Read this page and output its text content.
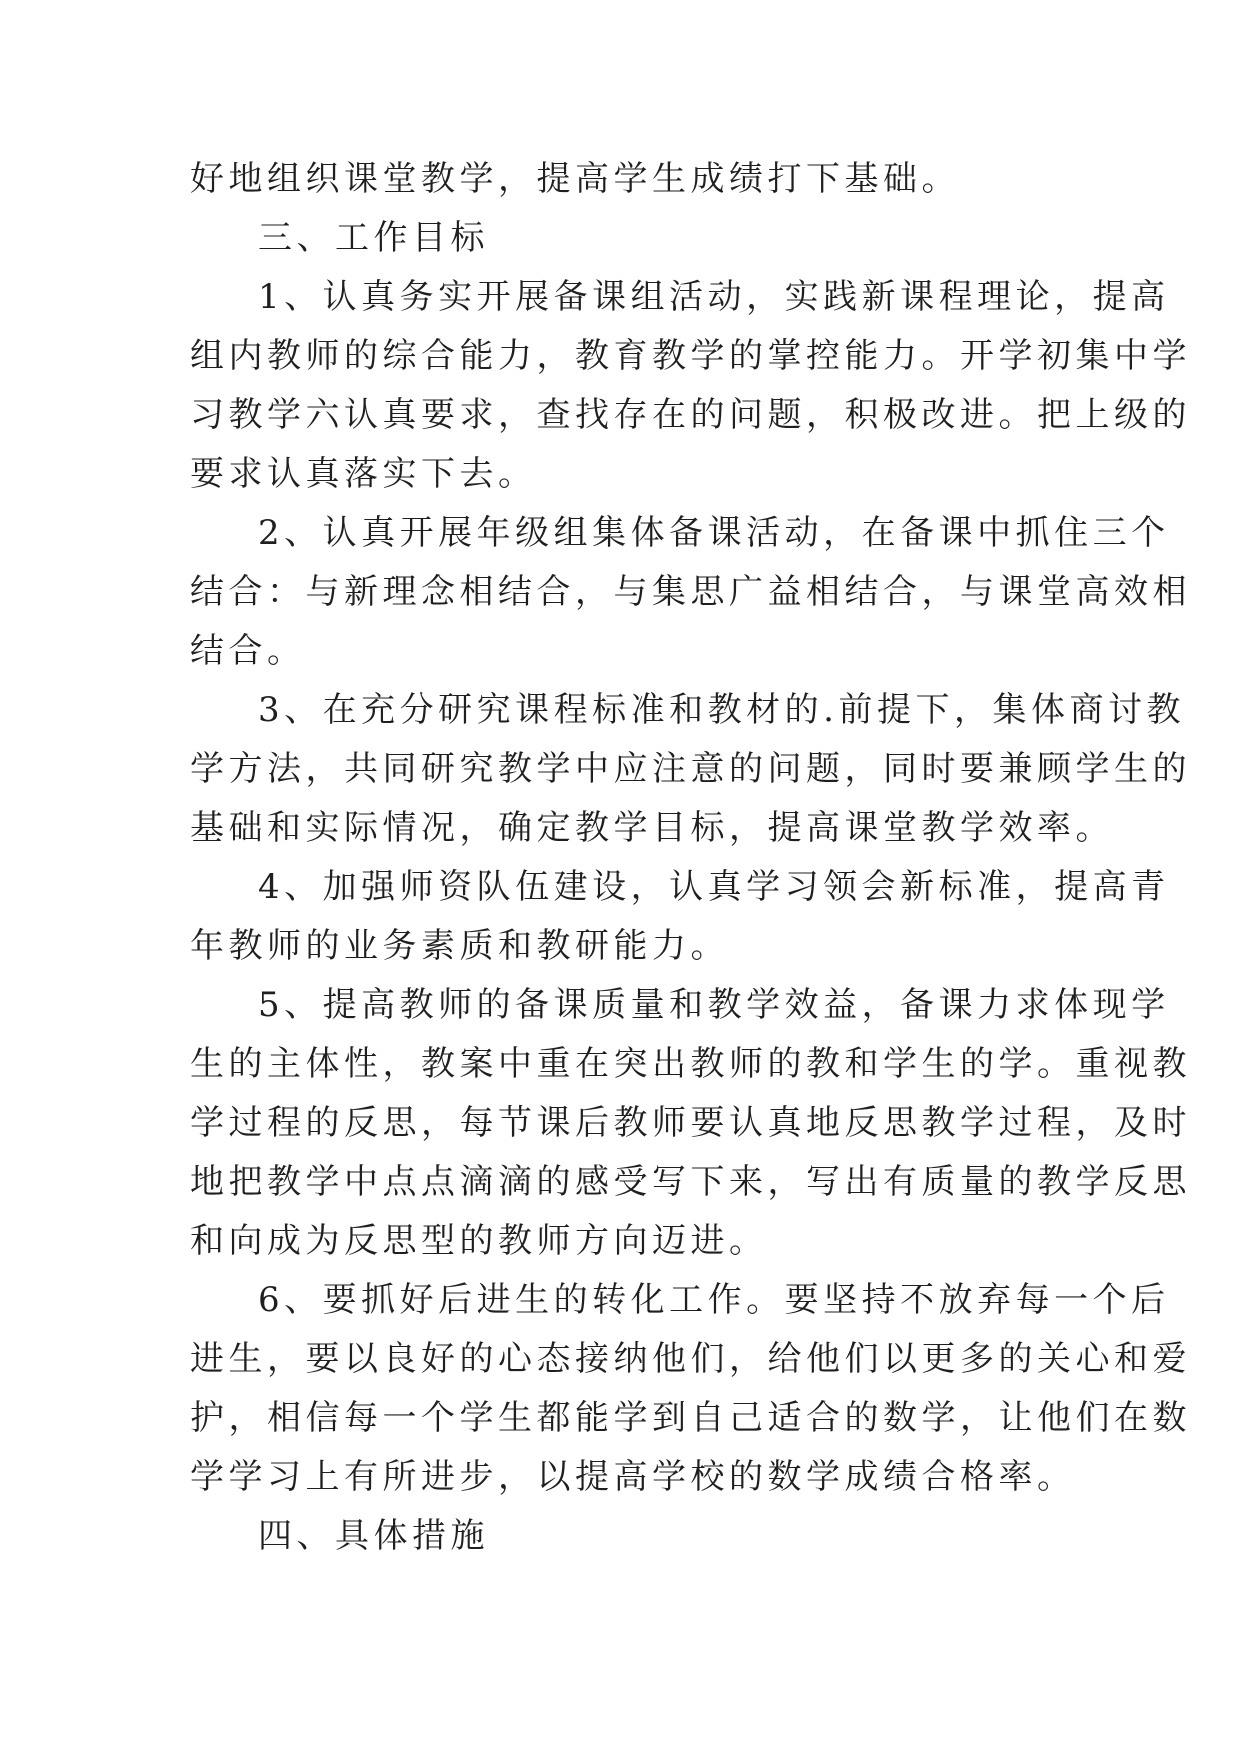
好地组织课堂教学，提高学生成绩打下基础。
三、工作目标
1、认真务实开展备课组活动，实践新课程理论，提高
组内教师的综合能力，教育教学的掌控能力。开学初集中学
习教学六认真要求，查找存在的问题，积极改进。把上级的
要求认真落实下去。
2、认真开展年级组集体备课活动，在备课中抓住三个
结合：与新理念相结合，与集思广益相结合，与课堂高效相
结合。
3、在充分研究课程标准和教材的.前提下，集体商讨教
学方法，共同研究教学中应注意的问题，同时要兼顾学生的
基础和实际情况，确定教学目标，提高课堂教学效率。
4、加强师资队伍建设，认真学习领会新标准，提高青
年教师的业务素质和教研能力。
5、提高教师的备课质量和教学效益，备课力求体现学
生的主体性，教案中重在突出教师的教和学生的学。重视教
学过程的反思，每节课后教师要认真地反思教学过程，及时
地把教学中点点滴滴的感受写下来，写出有质量的教学反思
和向成为反思型的教师方向迈进。
6、要抓好后进生的转化工作。要坚持不放弃每一个后
进生，要以良好的心态接纳他们，给他们以更多的关心和爱
护，相信每一个学生都能学到自己适合的数学，让他们在数
学学习上有所进步，以提高学校的数学成绩合格率。
四、具体措施
